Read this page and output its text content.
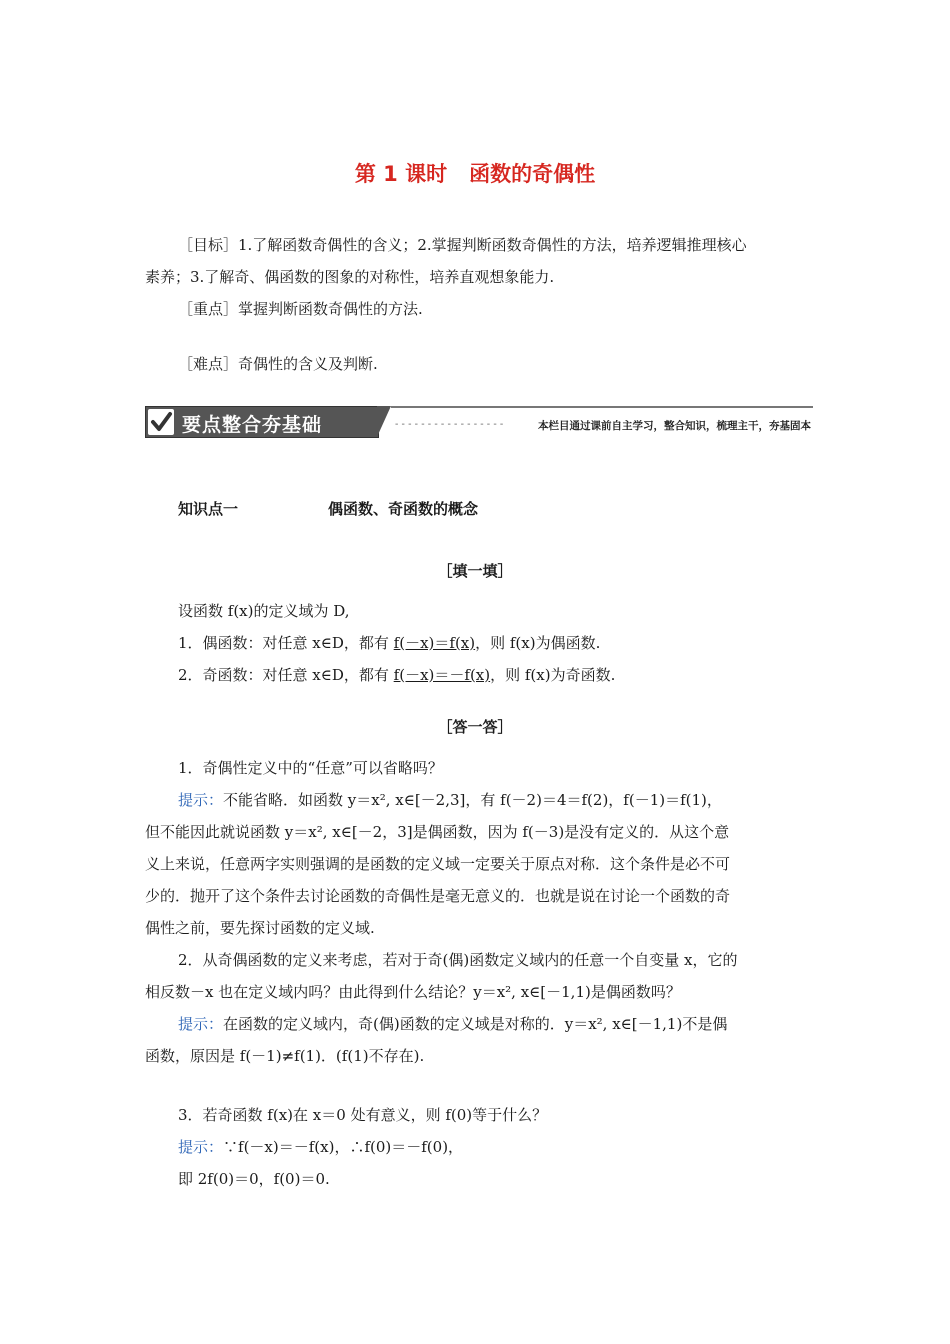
第 1 课时 函数的奇偶性
［目标］1.了解函数奇偶性的含义；2.掌握判断函数奇偶性的方法，培养逻辑推理核心
素养；3.了解奇、偶函数的图象的对称性，培养直观想象能力.
［重点］掌握判断函数奇偶性的方法.
［难点］奇偶性的含义及判断.
要点整合夯基础	- - - - - - - - - - - - - - - - -	本栏目通过课前自主学习，整合知识，梳理主干，夯基固本
知识点一	偶函数、奇函数的概念
［填一填］
设函数 f(x)的定义域为 D,
1．偶函数：对任意 x∈D，都有 f(－x)＝f(x)，则 f(x)为偶函数.
2．奇函数：对任意 x∈D，都有 f(－x)＝－f(x)，则 f(x)为奇函数.
［答一答］
1．奇偶性定义中的“任意”可以省略吗？
提示：不能省略．如函数 y＝x², x∈[－2,3]，有 f(－2)＝4＝f(2)，f(－1)＝f(1)，
但不能因此就说函数 y＝x², x∈[－2，3]是偶函数，因为 f(－3)是没有定义的．从这个意
义上来说，任意两字实则强调的是函数的定义域一定要关于原点对称．这个条件是必不可
少的．抛开了这个条件去讨论函数的奇偶性是毫无意义的．也就是说在讨论一个函数的奇
偶性之前，要先探讨函数的定义域.
2．从奇偶函数的定义来考虑，若对于奇(偶)函数定义域内的任意一个自变量 x，它的
相反数－x 也在定义域内吗？由此得到什么结论？y＝x², x∈[－1,1)是偶函数吗？
提示：在函数的定义域内，奇(偶)函数的定义域是对称的．y＝x², x∈[－1,1)不是偶
函数，原因是 f(－1)≠f(1)．(f(1)不存在).
3．若奇函数 f(x)在 x＝0 处有意义，则 f(0)等于什么？
提示：∵f(－x)＝－f(x)，∴f(0)＝－f(0)，
即 2f(0)＝0，f(0)＝0.
